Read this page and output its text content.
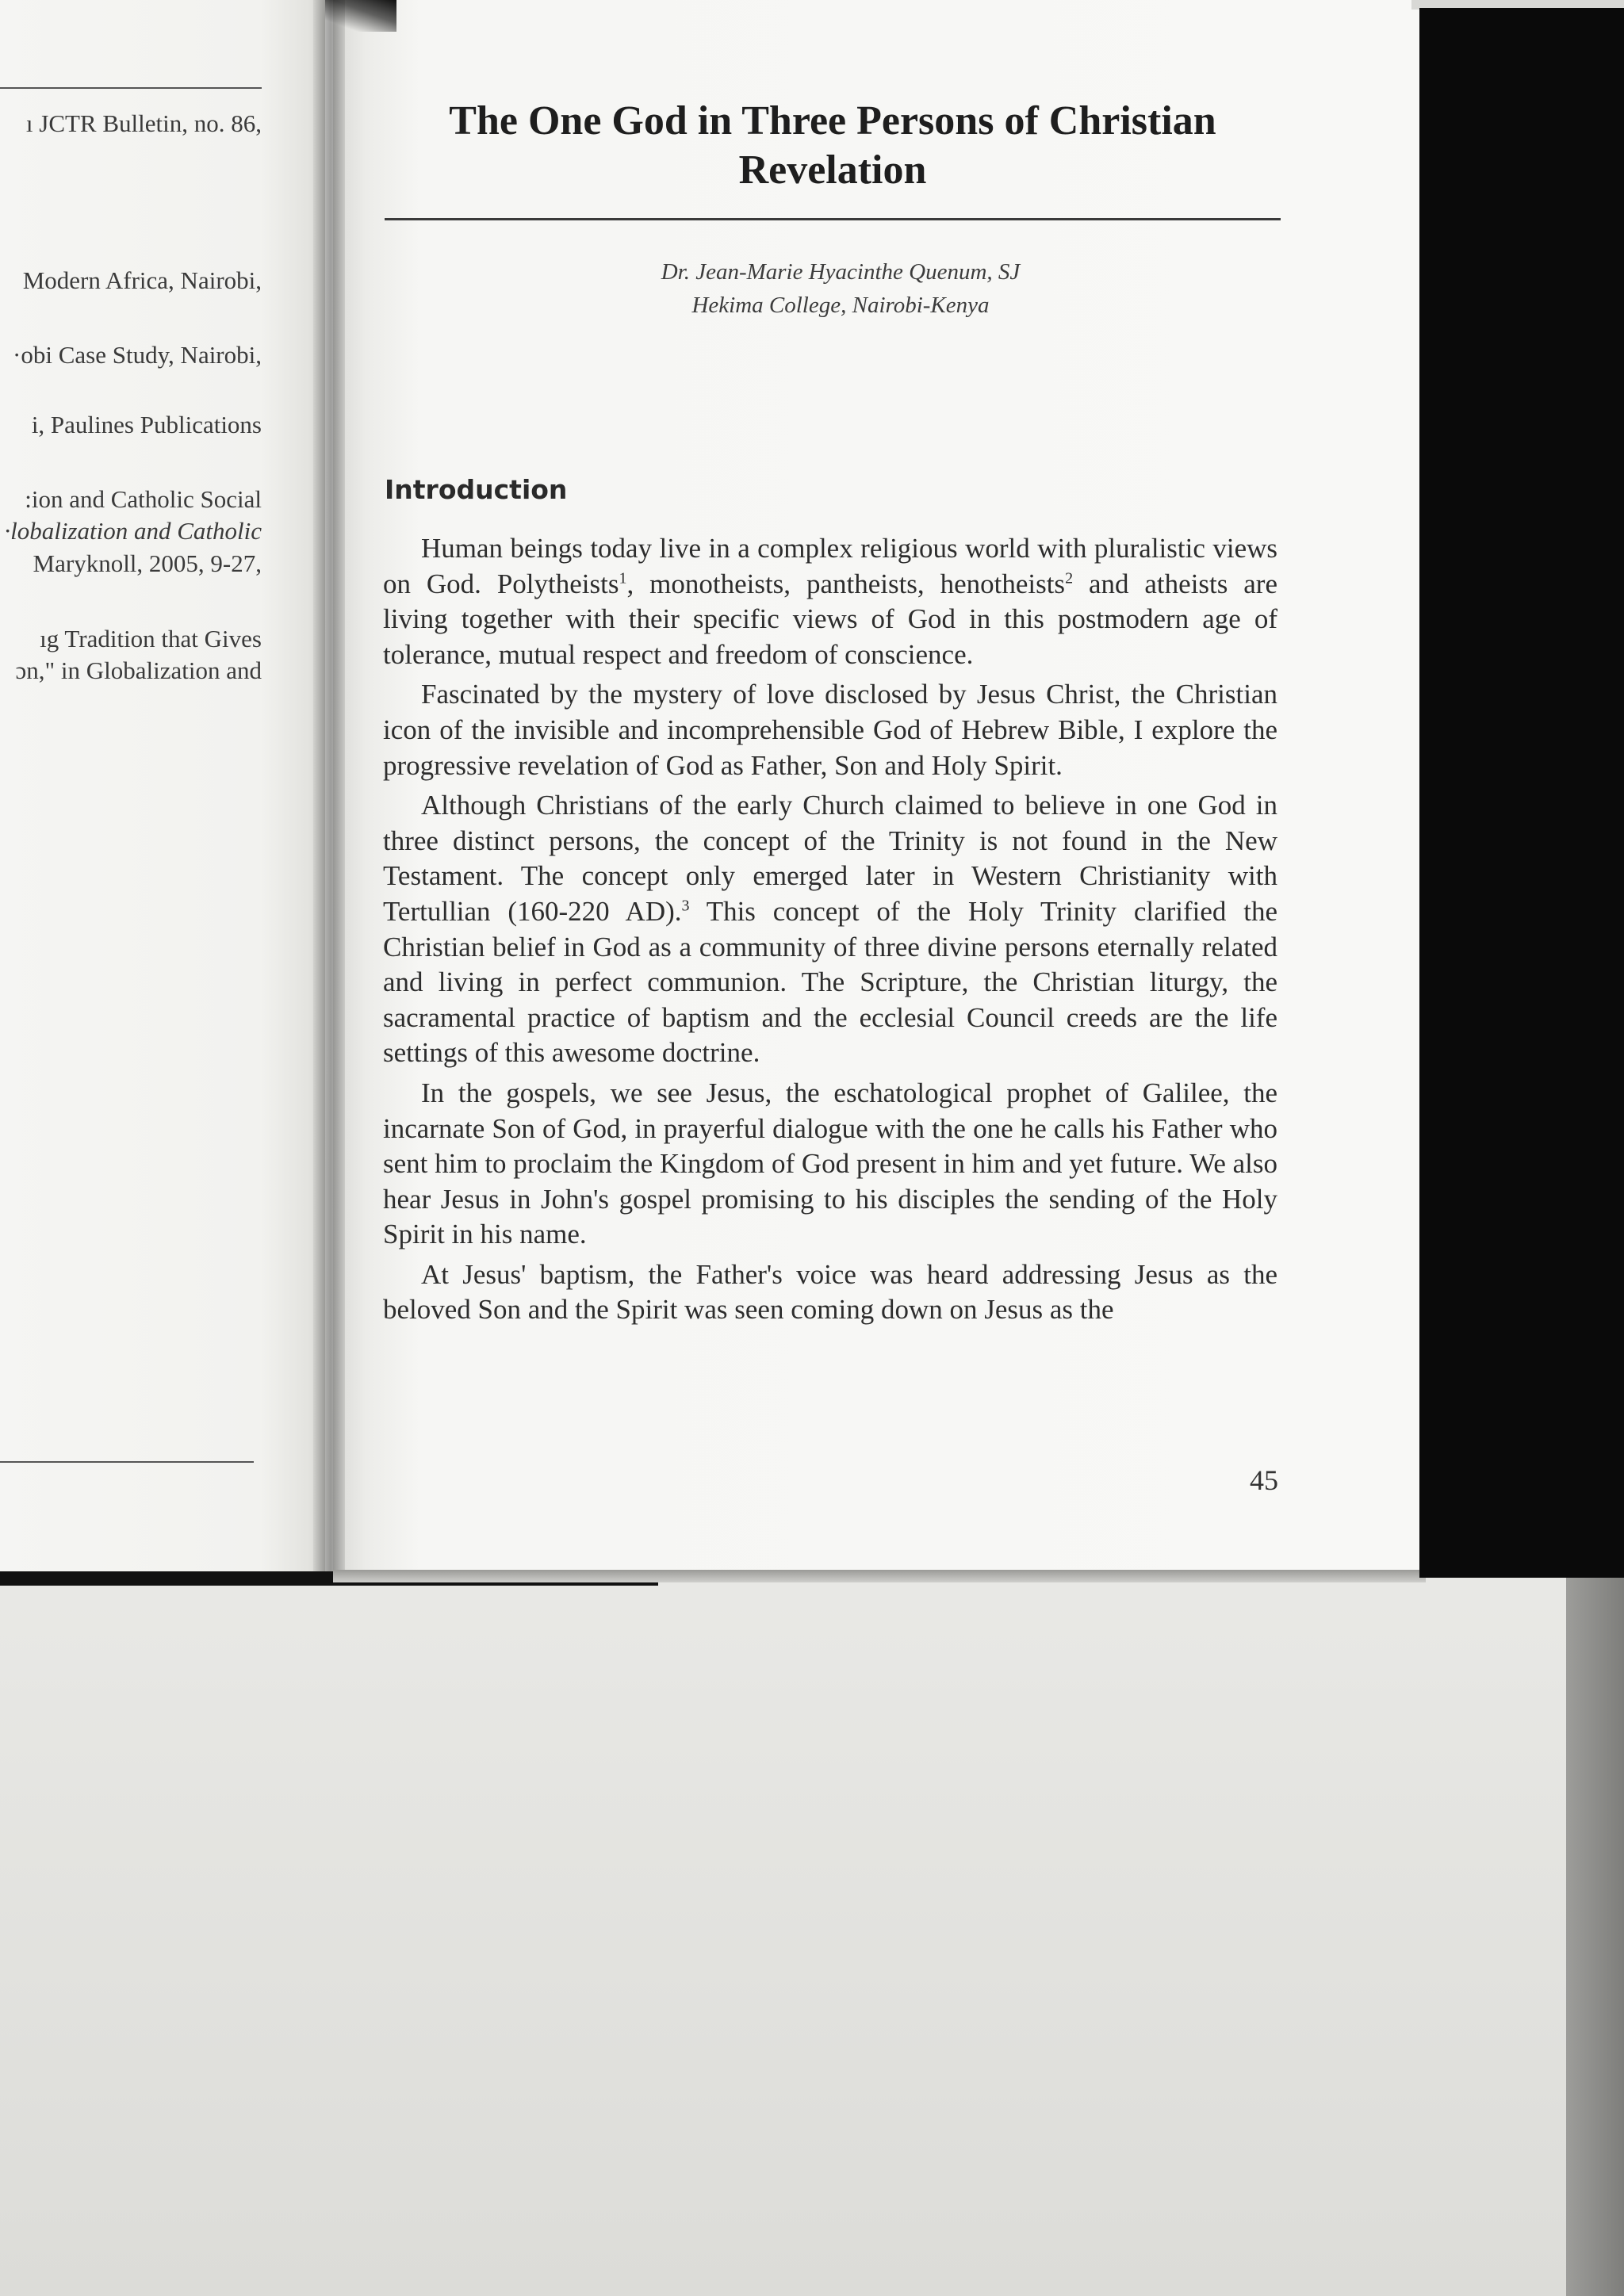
ı JCTR Bulletin, no. 86,
Modern Africa, Nairobi,
·obi Case Study, Nairobi,
i, Paulines Publications
:ion and Catholic Social
·lobalization and Catholic
Maryknoll, 2005, 9-27,
ıg Tradition that Gives
ɔn," in Globalization and
The One God in Three Persons of Christian Revelation
Dr. Jean-Marie Hyacinthe Quenum, SJ
Hekima College, Nairobi-Kenya
Introduction

Human beings today live in a complex religious world with pluralistic views on God. Polytheists$^1$, monotheists, pantheists, henotheists$^2$ and atheists are living together with their specific views of God in this postmodern age of tolerance, mutual respect and freedom of conscience.

Fascinated by the mystery of love disclosed by Jesus Christ, the Christian icon of the invisible and incomprehensible God of Hebrew Bible, I explore the progressive revelation of God as Father, Son and Holy Spirit.

Although Christians of the early Church claimed to believe in one God in three distinct persons, the concept of the Trinity is not found in the New Testament. The concept only emerged later in Western Christianity with Tertullian (160-220 AD).$^3$ This concept of the Holy Trinity clarified the Christian belief in God as a community of three divine persons eternally related and living in perfect communion. The Scripture, the Christian liturgy, the sacramental practice of baptism and the ecclesial Council creeds are the life settings of this awesome doctrine.

In the gospels, we see Jesus, the eschatological prophet of Galilee, the incarnate Son of God, in prayerful dialogue with the one he calls his Father who sent him to proclaim the Kingdom of God present in him and yet future. We also hear Jesus in John's gospel promising to his disciples the sending of the Holy Spirit in his name.

At Jesus' baptism, the Father's voice was heard addressing Jesus as the beloved Son and the Spirit was seen coming down on Jesus as the

45
